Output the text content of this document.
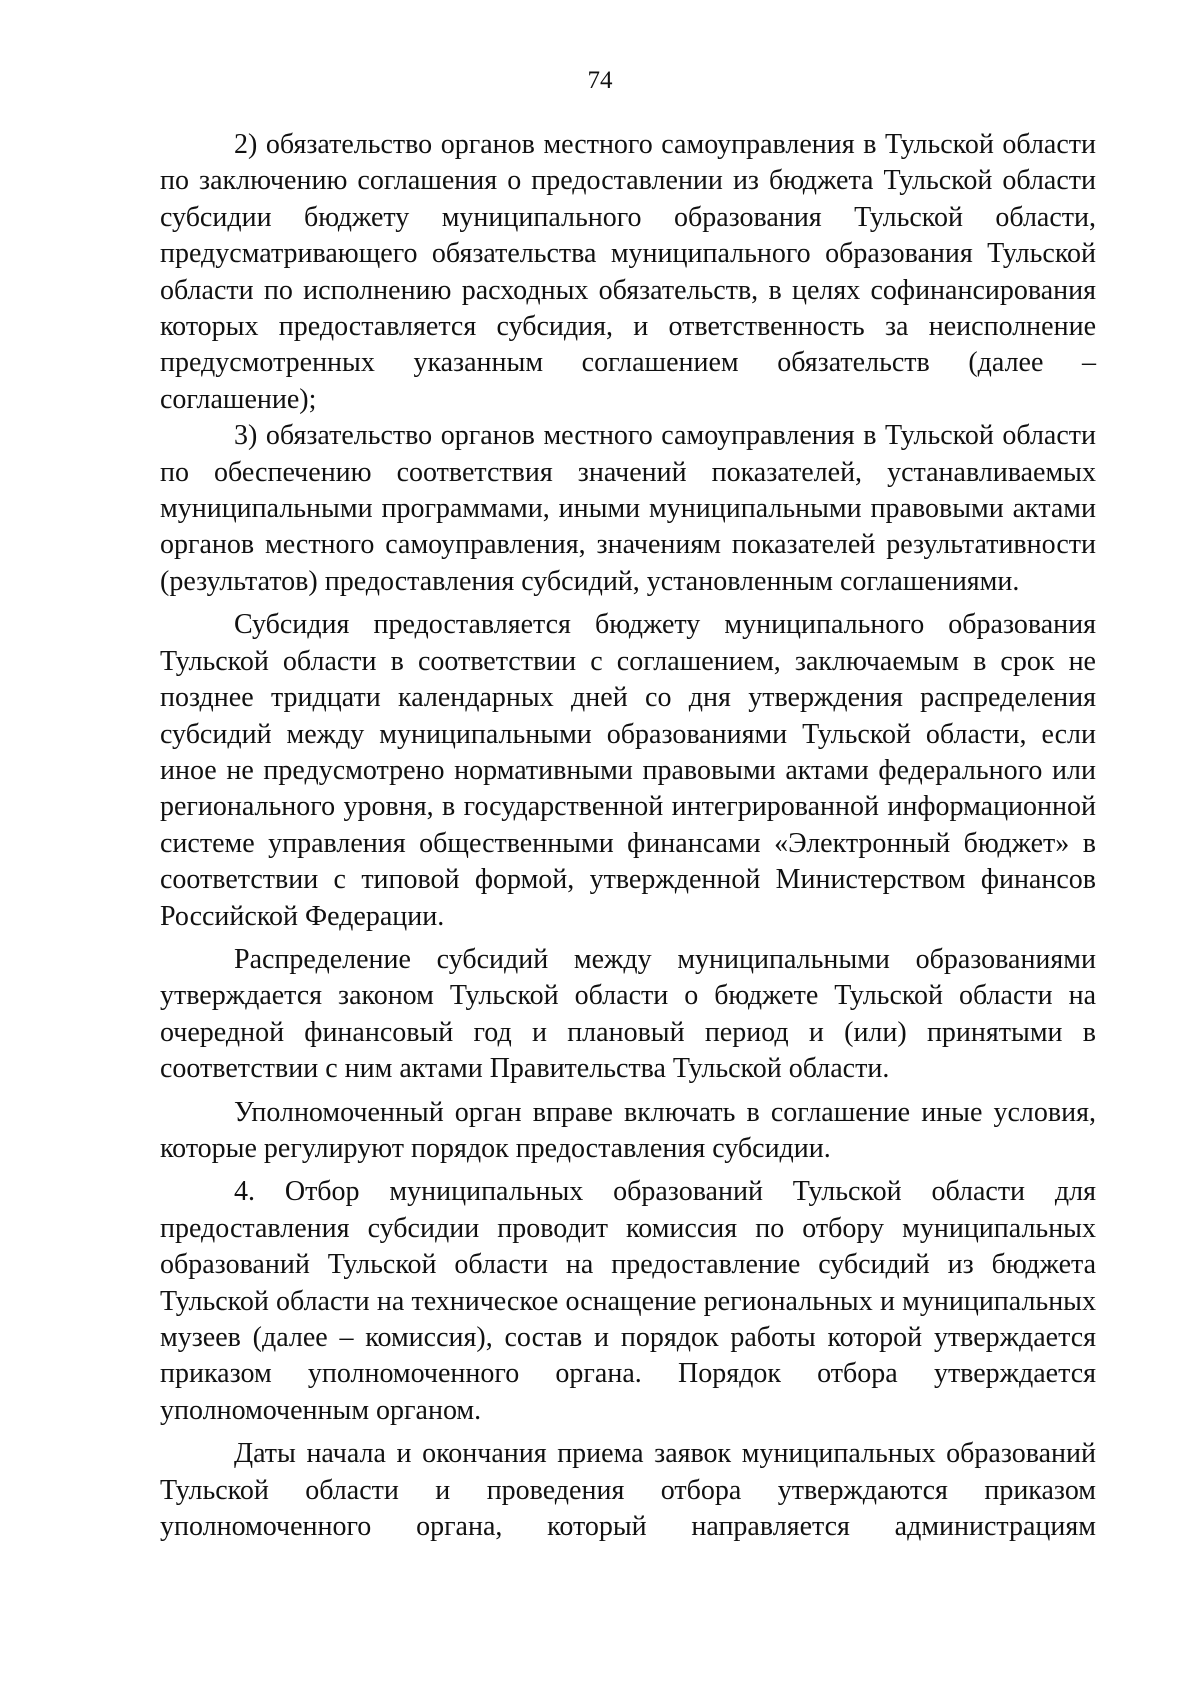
74
2) обязательство органов местного самоуправления в Тульской области
по заключению соглашения о предоставлении из бюджета Тульской области
субсидии бюджету муниципального образования Тульской области,
предусматривающего обязательства муниципального образования Тульской
области по исполнению расходных обязательств, в целях софинансирования
которых предоставляется субсидия, и ответственность за неисполнение
предусмотренных указанным соглашением обязательств (далее –
соглашение);
3) обязательство органов местного самоуправления в Тульской области
по обеспечению соответствия значений показателей, устанавливаемых
муниципальными программами, иными муниципальными правовыми актами
органов местного самоуправления, значениям показателей результативности
(результатов) предоставления субсидий, установленным соглашениями.
Субсидия предоставляется бюджету муниципального образования
Тульской области в соответствии с соглашением, заключаемым в срок не
позднее тридцати календарных дней со дня утверждения распределения
субсидий между муниципальными образованиями Тульской области, если
иное не предусмотрено нормативными правовыми актами федерального или
регионального уровня, в государственной интегрированной информационной
системе управления общественными финансами «Электронный бюджет» в
соответствии с типовой формой, утвержденной Министерством финансов
Российской Федерации.
Распределение субсидий между муниципальными образованиями
утверждается законом Тульской области о бюджете Тульской области на
очередной финансовый год и плановый период и (или) принятыми в
соответствии с ним актами Правительства Тульской области.
Уполномоченный орган вправе включать в соглашение иные условия,
которые регулируют порядок предоставления субсидии.
4. Отбор муниципальных образований Тульской области для
предоставления субсидии проводит комиссия по отбору муниципальных
образований Тульской области на предоставление субсидий из бюджета
Тульской области на техническое оснащение региональных и муниципальных
музеев (далее – комиссия), состав и порядок работы которой утверждается
приказом уполномоченного органа. Порядок отбора утверждается
уполномоченным органом.
Даты начала и окончания приема заявок муниципальных образований
Тульской области и проведения отбора утверждаются приказом
уполномоченного органа, который направляется администрациям
